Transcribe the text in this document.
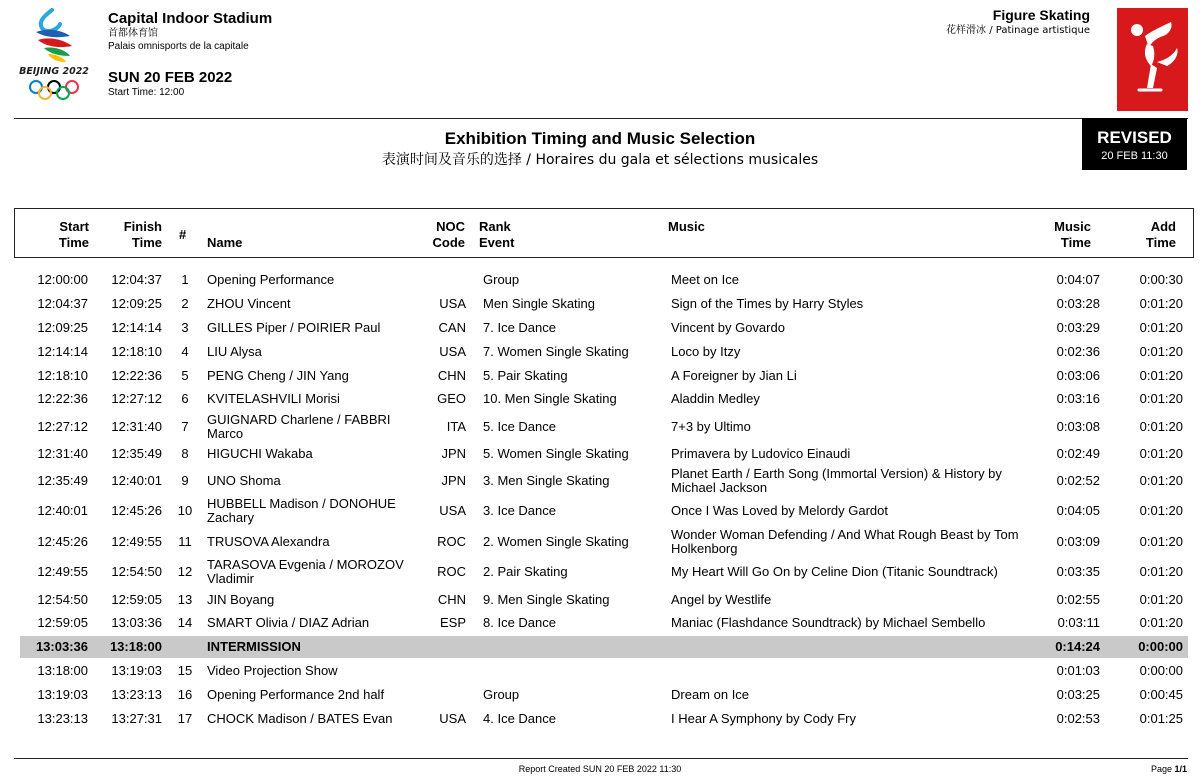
BEIJING 2022
Capital Indoor Stadium
首都体育馆
Palais omnisports de la capitale
SUN 20 FEB 2022
Start Time: 12:00
Figure Skating
花样滑冰 / Patinage artistique
Exhibition Timing and Music Selection
表演时间及音乐的选择 / Horaires du gala et sélections musicales
REVISED
20 FEB 11:30
Start
Time
Finish
Time
#
Name
NOC
Code
Rank
Event
Music	Music
Time
Add
Time
12:00:00	12:04:37	1	Opening Performance	Group	Meet on Ice	0:04:07	0:00:30
12:04:37	12:09:25	2	ZHOU Vincent	USA Men Single Skating	Sign of the Times by Harry Styles	0:03:28	0:01:20
12:09:25	12:14:14	3	GILLES Piper / POIRIER Paul	CAN 7. Ice Dance	Vincent by Govardo	0:03:29	0:01:20
12:14:14	12:18:10	4	LIU Alysa	USA 7. Women Single Skating	Loco by Itzy	0:02:36	0:01:20
12:18:10	12:22:36	5	PENG Cheng / JIN Yang	CHN 5. Pair Skating	A Foreigner by Jian Li	0:03:06	0:01:20
12:22:36	12:27:12	6	KVITELASHVILI Morisi	GEO 10. Men Single Skating	Aladdin Medley	0:03:16	0:01:20
12:27:12	12:31:40	7	GUIGNARD Charlene / FABBRI Marco	ITA 5. Ice Dance	7+3 by Ultimo	0:03:08	0:01:20
12:31:40	12:35:49	8	HIGUCHI Wakaba	JPN 5. Women Single Skating	Primavera by Ludovico Einaudi	0:02:49	0:01:20
12:35:49	12:40:01	9	UNO Shoma	JPN 3. Men Single Skating	Planet Earth / Earth Song (Immortal Version) & History by Michael Jackson	0:02:52	0:01:20
12:40:01	12:45:26	10	HUBBELL Madison / DONOHUE Zachary	USA 3. Ice Dance	Once I Was Loved by Melordy Gardot	0:04:05	0:01:20
12:45:26	12:49:55	11	TRUSOVA Alexandra	ROC 2. Women Single Skating	Wonder Woman Defending / And What Rough Beast by Tom Holkenborg	0:03:09	0:01:20
12:49:55	12:54:50	12	TARASOVA Evgenia / MOROZOV Vladimir	ROC 2. Pair Skating	My Heart Will Go On by Celine Dion (Titanic Soundtrack)	0:03:35	0:01:20
12:54:50	12:59:05	13	JIN Boyang	CHN 9. Men Single Skating	Angel by Westlife	0:02:55	0:01:20
12:59:05	13:03:36	14	SMART Olivia / DIAZ Adrian	ESP 8. Ice Dance	Maniac (Flashdance Soundtrack) by Michael Sembello	0:03:11	0:01:20
13:03:36	13:18:00	INTERMISSION	0:14:24	0:00:00
13:18:00	13:19:03	15	Video Projection Show	0:01:03	0:00:00
13:19:03	13:23:13	16	Opening Performance 2nd half	Group	Dream on Ice	0:03:25	0:00:45
13:23:13	13:27:31	17	CHOCK Madison / BATES Evan	USA 4. Ice Dance	I Hear A Symphony by Cody Fry	0:02:53	0:01:25
Report Created SUN 20 FEB 2022 11:30	Page 1/1
